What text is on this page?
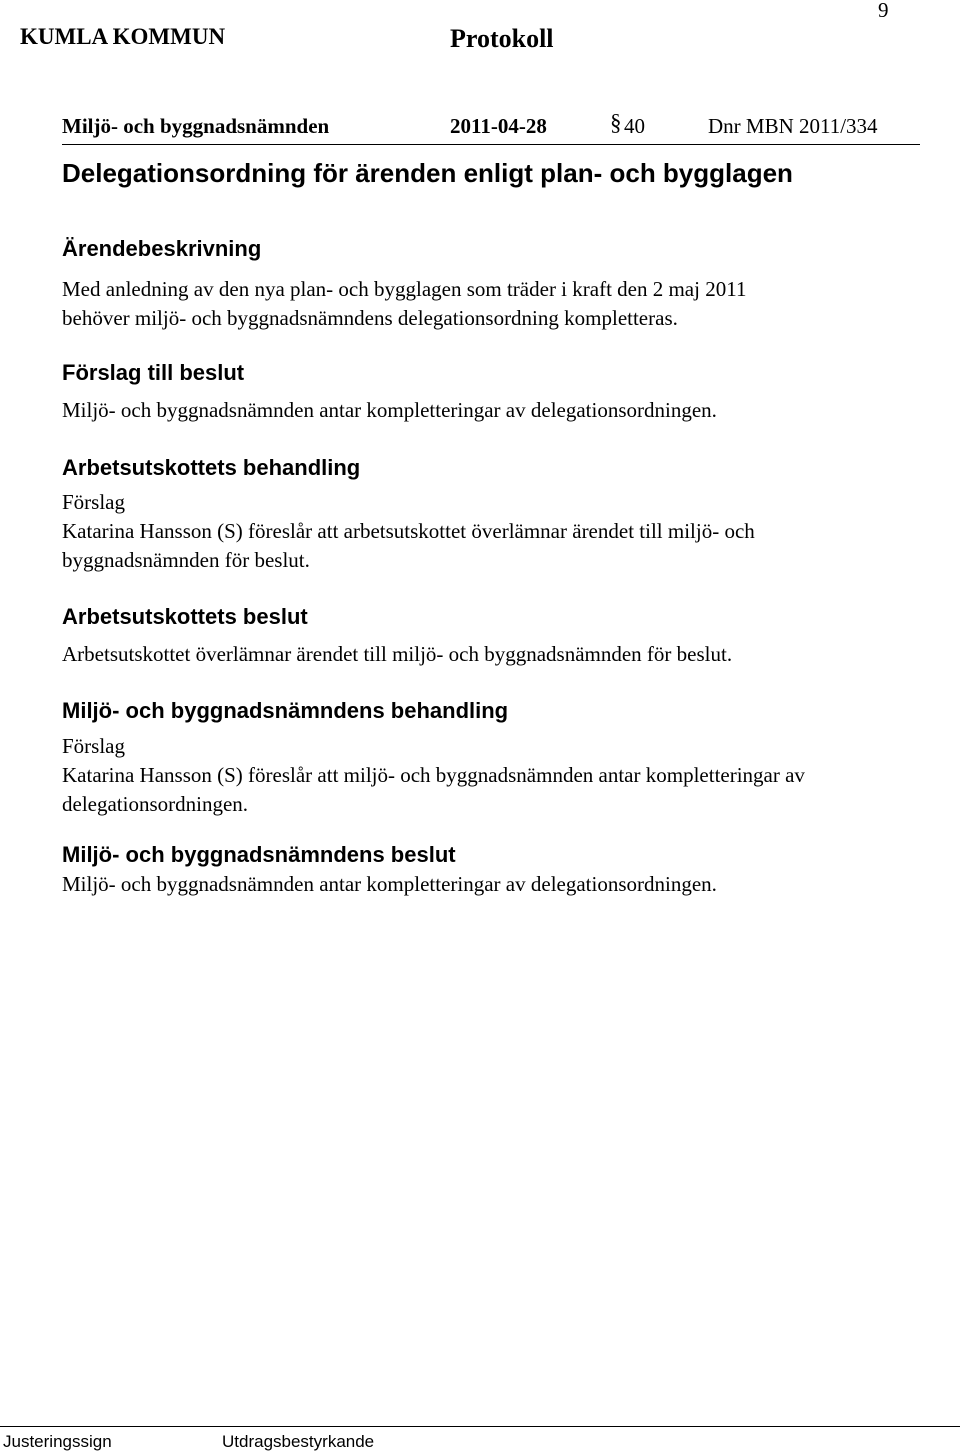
9
KUMLA KOMMUN	Protokoll
Miljö- och byggnadsnämnden	2011-04-28	§ 40	Dnr MBN 2011/334
Delegationsordning för ärenden enligt plan- och bygglagen
Ärendebeskrivning
Med anledning av den nya plan- och bygglagen som träder i kraft den 2 maj 2011
behöver miljö- och byggnadsnämndens delegationsordning kompletteras.
Förslag till beslut
Miljö- och byggnadsnämnden antar kompletteringar av delegationsordningen.
Arbetsutskottets behandling
Förslag
Katarina Hansson (S) föreslår att arbetsutskottet överlämnar ärendet till miljö- och
byggnadsnämnden för beslut.
Arbetsutskottets beslut
Arbetsutskottet överlämnar ärendet till miljö- och byggnadsnämnden för beslut.
Miljö- och byggnadsnämndens behandling
Förslag
Katarina Hansson (S) föreslår att miljö- och byggnadsnämnden antar kompletteringar av
delegationsordningen.
Miljö- och byggnadsnämndens beslut
Miljö- och byggnadsnämnden antar kompletteringar av delegationsordningen.
Justeringssign	Utdragsbestyrkande
